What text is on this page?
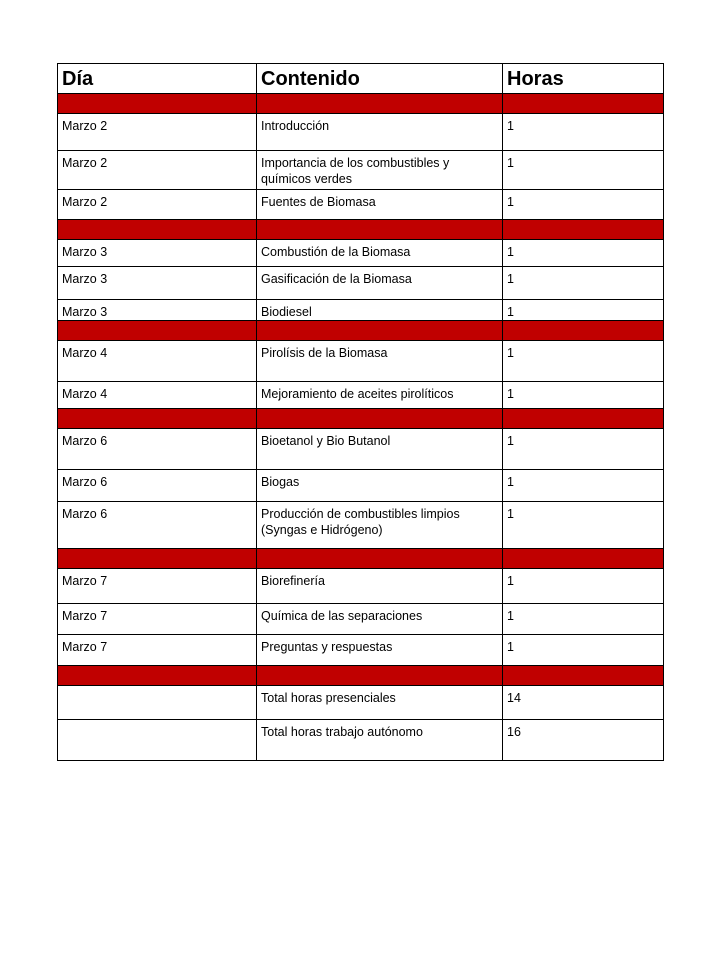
Día	Contenido	Horas

Marzo 2	Introducción	1
Marzo 2	Importancia de los combustibles y químicos verdes	1
Marzo 2	Fuentes de Biomasa	1

Marzo 3	Combustión de la Biomasa	1
Marzo 3	Gasificación de la Biomasa	1
Marzo 3	Biodiesel	1

Marzo 4	Pirolísis de la Biomasa	1
Marzo 4	Mejoramiento de aceites pirolíticos	1

Marzo 6	Bioetanol y Bio Butanol	1
Marzo 6	Biogas	1
Marzo 6	Producción de combustibles limpios (Syngas e Hidrógeno)	1

Marzo 7	Biorefinería	1
Marzo 7	Química de las separaciones	1
Marzo 7	Preguntas y respuestas	1

	Total horas presenciales	14
	Total horas trabajo autónomo	16
